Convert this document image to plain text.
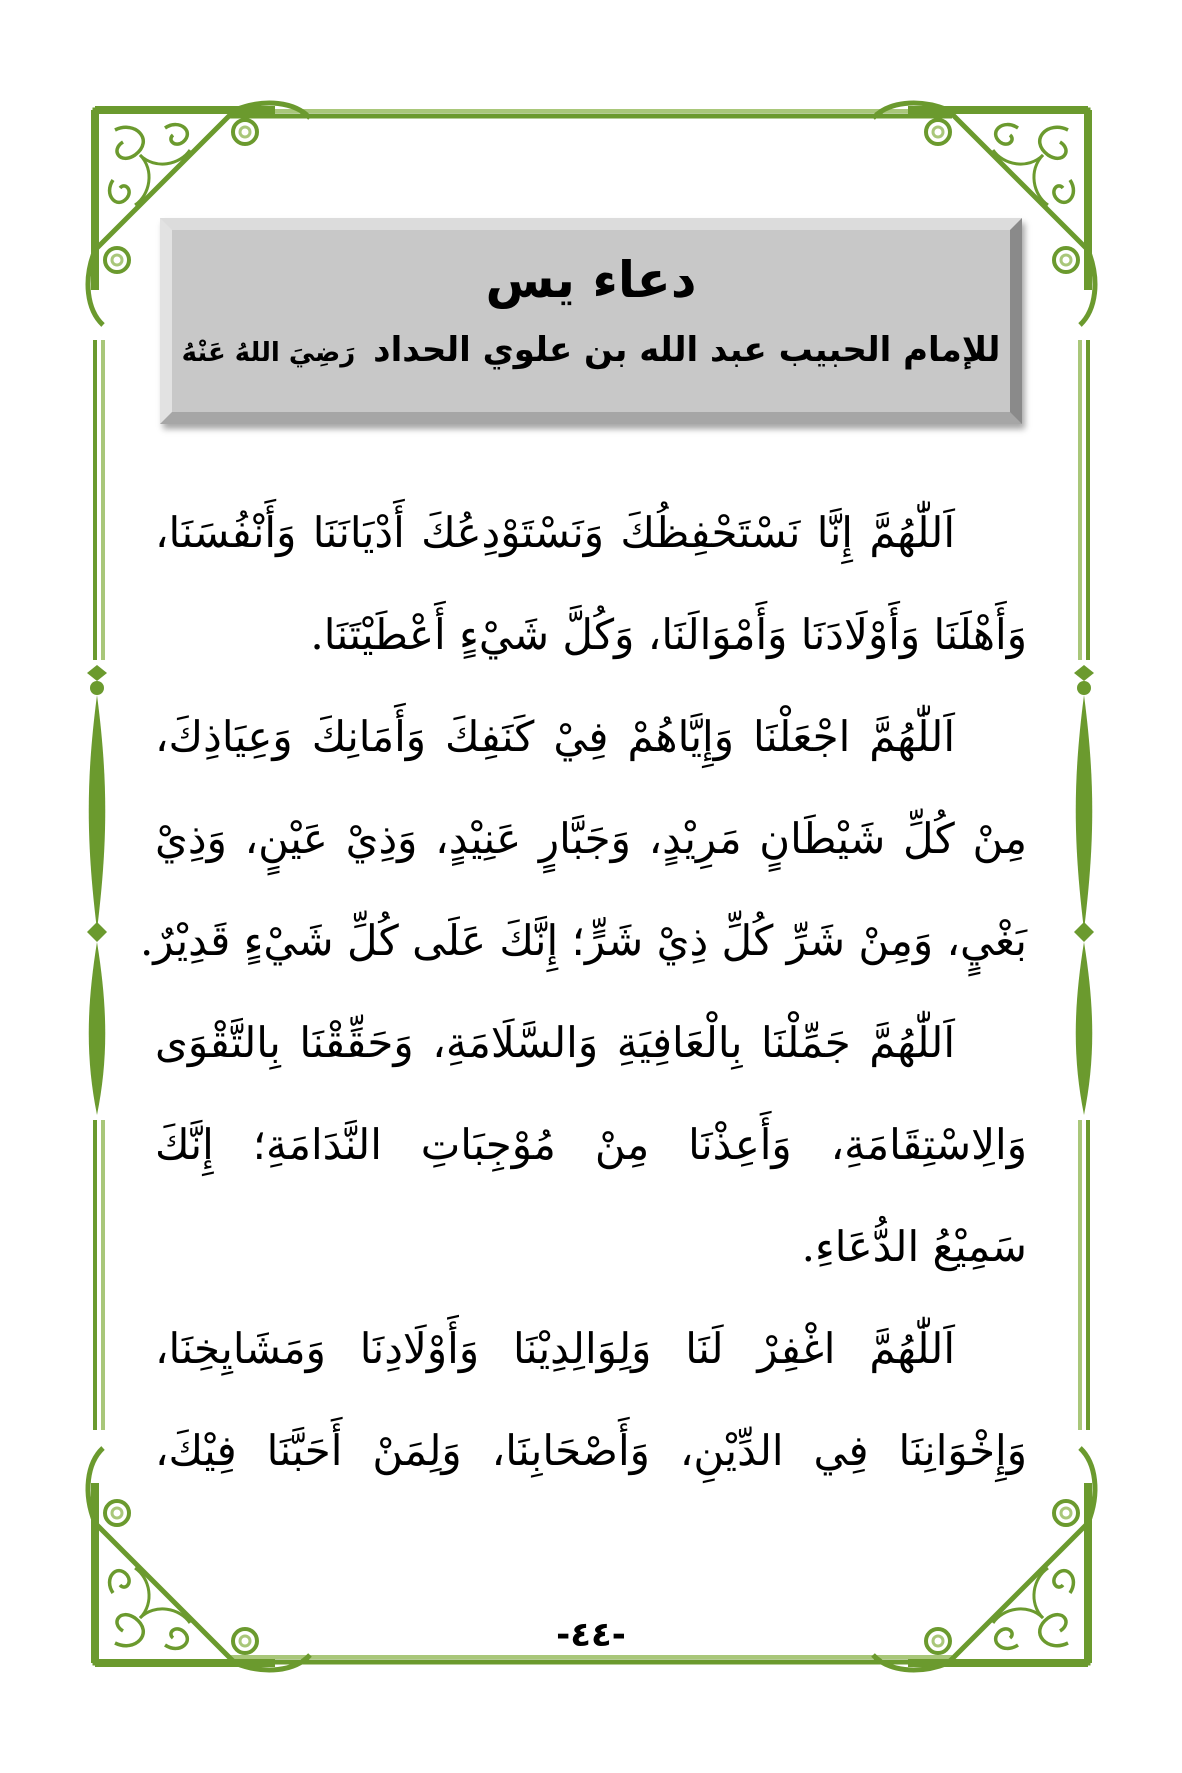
دعاء يس
للإمام الحبيب عبد الله بن علوي الحداد رَضِيَ اللهُ عَنْهُ
اَللّٰهُمَّ إِنَّا نَسْتَحْفِظُكَ وَنَسْتَوْدِعُكَ أَدْيَانَنَا وَأَنْفُسَنَا،
وَأَهْلَنَا وَأَوْلَادَنَا وَأَمْوَالَنَا، وَكُلَّ شَيْءٍ أَعْطَيْتَنَا.
اَللّٰهُمَّ اجْعَلْنَا وَإِيَّاهُمْ فِيْ كَنَفِكَ وَأَمَانِكَ وَعِيَاذِكَ،
مِنْ كُلِّ شَيْطَانٍ مَرِيْدٍ، وَجَبَّارٍ عَنِيْدٍ، وَذِيْ عَيْنٍ، وَذِيْ
بَغْيٍ، وَمِنْ شَرِّ كُلِّ ذِيْ شَرٍّ؛ إِنَّكَ عَلَى كُلِّ شَيْءٍ قَدِيْرٌ.
اَللّٰهُمَّ جَمِّلْنَا بِالْعَافِيَةِ وَالسَّلَامَةِ، وَحَقِّقْنَا بِالتَّقْوَى
وَالِاسْتِقَامَةِ، وَأَعِذْنَا مِنْ مُوْجِبَاتِ النَّدَامَةِ؛ إِنَّكَ
سَمِيْعُ الدُّعَاءِ.
اَللّٰهُمَّ اغْفِرْ لَنَا وَلِوَالِدِيْنَا وَأَوْلَادِنَا وَمَشَايِخِنَا،
وَإِخْوَانِنَا فِي الدِّيْنِ، وَأَصْحَابِنَا، وَلِمَنْ أَحَبَّنَا فِيْكَ،
-٤٤-
